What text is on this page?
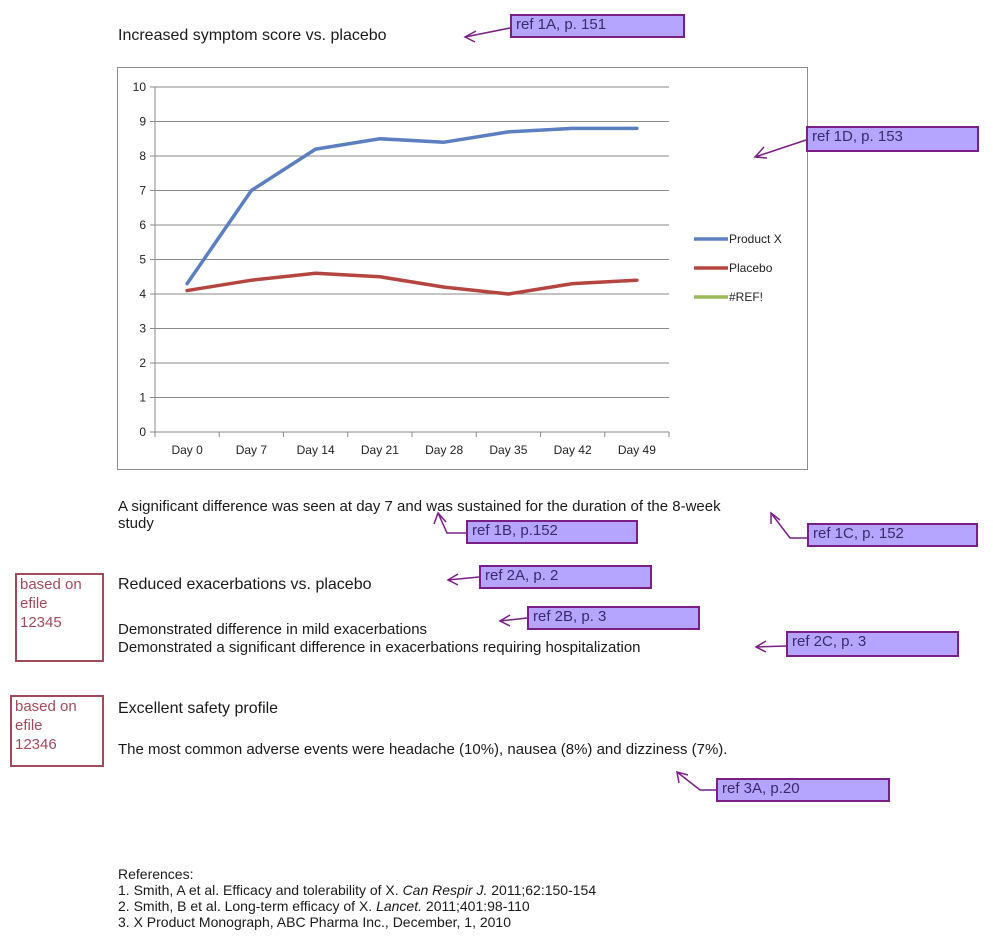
Increased symptom score vs. placebo
ref 1A, p. 151
0
1
2
3
4
5
6
7
8
9
10
Day 0	Day 7 Day 14 Day 21 Day 28 Day 35 Day 42 Day 49
Product X
Placebo
#REF!
ref 1D, p. 153
A significant difference was seen at day 7 and was sustained for the duration of the 8-week
study	ref 1B, p.152	ref 1C, p. 152
based on
efile
12345
Reduced exacerbations vs. placebo
ref 2A, p. 2
ref 2B, p. 3
Demonstrated difference in mild exacerbations
Demonstrated a significant difference in exacerbations requiring hospitalization	ref 2C, p. 3
based on
efile
12346
Excellent safety profile
The most common adverse events were headache (10%), nausea (8%) and dizziness (7%).
ref 3A, p.20
References:
1. Smith, A et al. Efficacy and tolerability of X. Can Respir J. 2011;62:150-154
2. Smith, B et al. Long-term efficacy of X. Lancet. 2011;401:98-110
3. X Product Monograph, ABC Pharma Inc., December, 1, 2010
